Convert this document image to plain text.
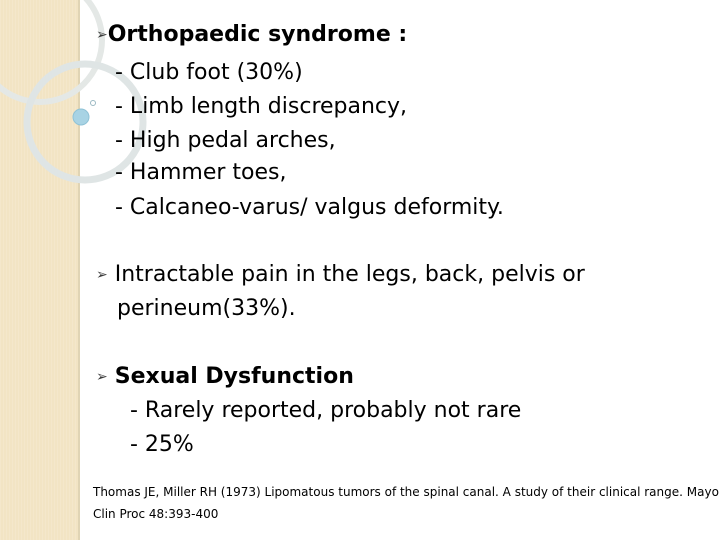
➢Orthopaedic syndrome :
- Club foot (30%)
- Limb length discrepancy,
- High pedal arches,
- Hammer toes,
- Calcaneo-varus/ valgus deformity.
➢ Intractable pain in the legs, back, pelvis or
perineum(33%).
➢ Sexual Dysfunction
- Rarely reported, probably not rare
- 25%
Thomas JE, Miller RH (1973) Lipomatous tumors of the spinal canal. A study of their clinical range. Mayo
Clin Proc 48:393-400
